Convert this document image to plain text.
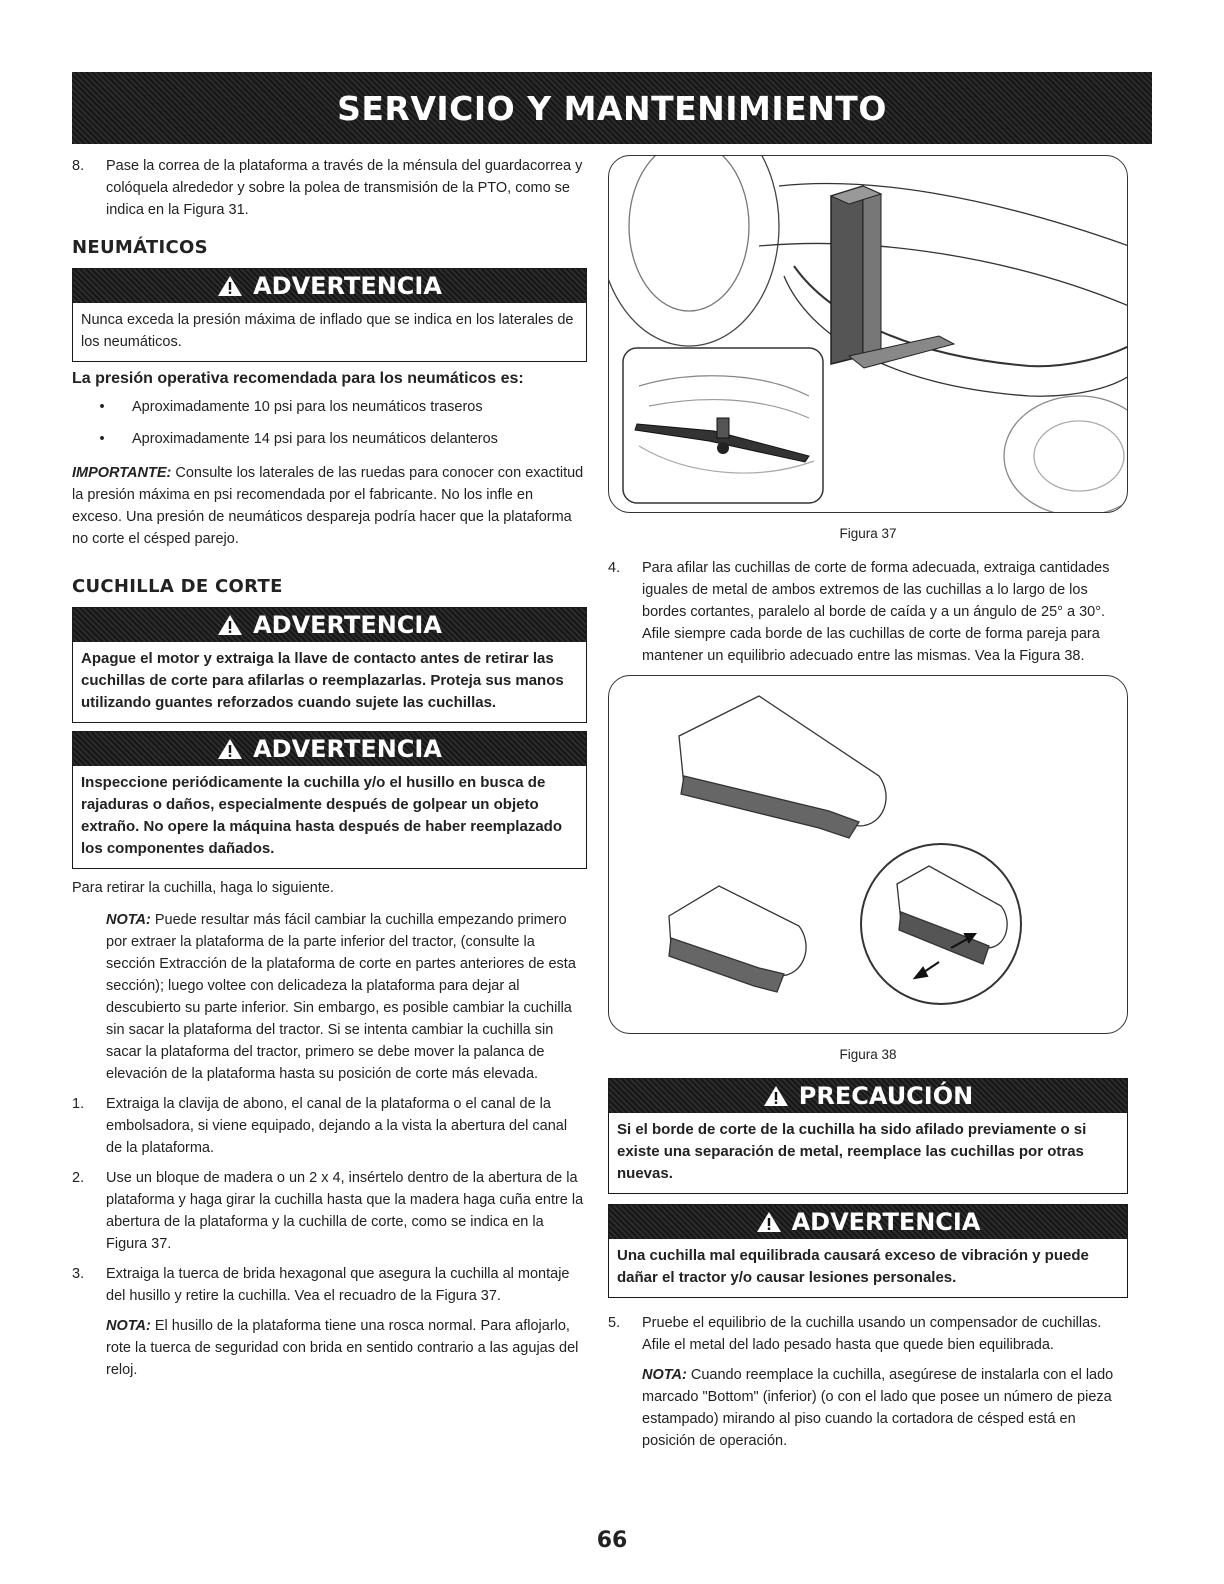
SERVICIO Y MANTENIMIENTO
8.	Pase la correa de la plataforma a través de la ménsula del guardacorrea y colóquela alrededor y sobre la polea de transmisión de la PTO, como se indica en la Figura 31.

NEUMÁTICOS
ADVERTENCIA

Nunca exceda la presión máxima de inflado que se indica en los laterales de los neumáticos.

La presión operativa recomendada para los neumáticos es:
•	Aproximadamente 10 psi para los neumáticos traseros
•	Aproximadamente 14 psi para los neumáticos delanteros

IMPORTANTE: Consulte los laterales de las ruedas para conocer con exactitud la presión máxima en psi recomendada por el fabricante. No los infle en exceso. Una presión de neumáticos despareja podría hacer que la plataforma no corte el césped parejo.

CUCHILLA DE CORTE
ADVERTENCIA

Apague el motor y extraiga la llave de contacto antes de retirar las cuchillas de corte para afilarlas o reemplazarlas. Proteja sus manos utilizando guantes reforzados cuando sujete las cuchillas.

ADVERTENCIA

Inspeccione periódicamente la cuchilla y/o el husillo en busca de rajaduras o daños, especialmente después de golpear un objeto extraño. No opere la máquina hasta después de haber reemplazado los componentes dañados.

Para retirar la cuchilla, haga lo siguiente.

NOTA: Puede resultar más fácil cambiar la cuchilla empezando primero por extraer la plataforma de la parte inferior del tractor, (consulte la sección Extracción de la plataforma de corte en partes anteriores de esta sección); luego voltee con delicadeza la plataforma para dejar al descubierto su parte inferior. Sin embargo, es posible cambiar la cuchilla sin sacar la plataforma del tractor. Si se intenta cambiar la cuchilla sin sacar la plataforma del tractor, primero se debe mover la palanca de elevación de la plataforma hasta su posición de corte más elevada.

1.	Extraiga la clavija de abono, el canal de la plataforma o el canal de la embolsadora, si viene equipado, dejando a la vista la abertura del canal de la plataforma.

2.	Use un bloque de madera o un 2 x 4, insértelo dentro de la abertura de la plataforma y haga girar la cuchilla hasta que la madera haga cuña entre la abertura de la plataforma y la cuchilla de corte, como se indica en la Figura 37.

3.	Extraiga la tuerca de brida hexagonal que asegura la cuchilla al montaje del husillo y retire la cuchilla. Vea el recuadro de la Figura 37.

NOTA: El husillo de la plataforma tiene una rosca normal. Para aflojarlo, rote la tuerca de seguridad con brida en sentido contrario a las agujas del reloj.

Figura 37
4.	Para afilar las cuchillas de corte de forma adecuada, extraiga cantidades iguales de metal de ambos extremos de las cuchillas a lo largo de los bordes cortantes, paralelo al borde de caída y a un ángulo de 25° a 30°. Afile siempre cada borde de las cuchillas de corte de forma pareja para mantener un equilibrio adecuado entre las mismas. Vea la Figura 38.

Figura 38
PRECAUCIÓN

Si el borde de corte de la cuchilla ha sido afilado previamente o si existe una separación de metal, reemplace las cuchillas por otras nuevas.

ADVERTENCIA

Una cuchilla mal equilibrada causará exceso de vibración y puede dañar el tractor y/o causar lesiones personales.

5.	Pruebe el equilibrio de la cuchilla usando un compensador de cuchillas. Afile el metal del lado pesado hasta que quede bien equilibrada.

NOTA: Cuando reemplace la cuchilla, asegúrese de instalarla con el lado marcado "Bottom" (inferior) (o con el lado que posee un número de pieza estampado) mirando al piso cuando la cortadora de césped está en posición de operación.

66
